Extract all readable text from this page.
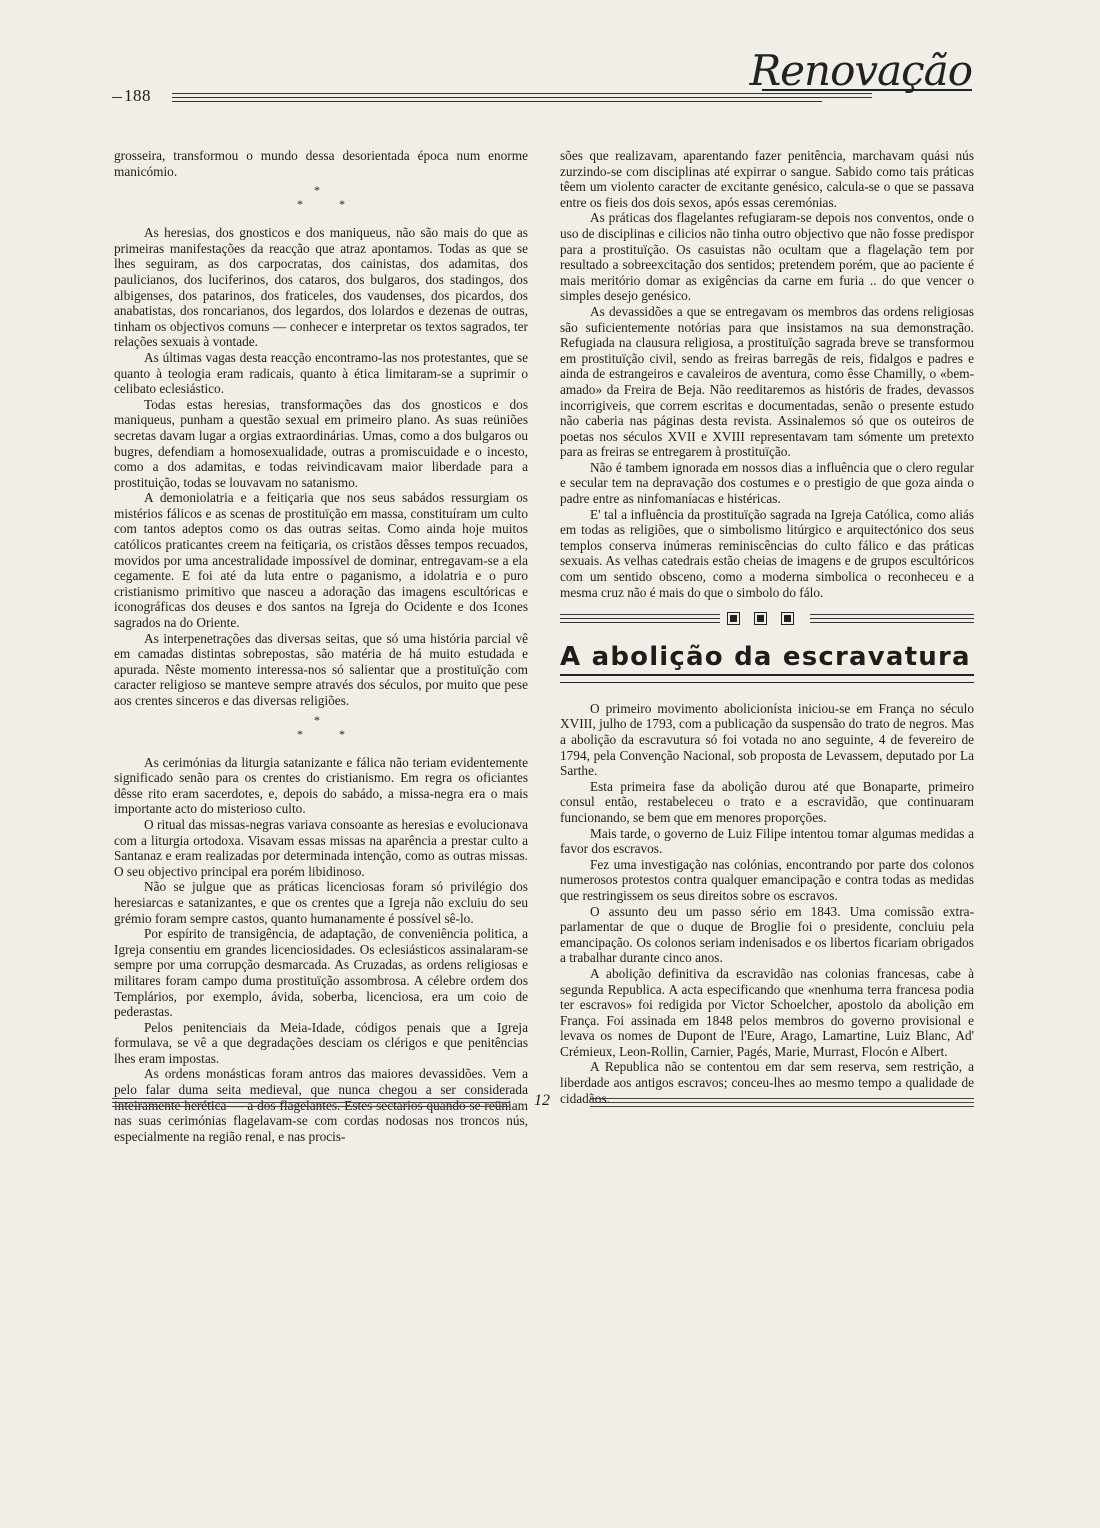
188
Renovação

grosseira, transformou o mundo dessa desorientada época num enorme manicómio.

*
*	*

As heresias, dos gnosticos e dos maniqueus, não são mais do que as primeiras manifestações da reacção que atraz apontamos. Todas as que se lhes seguiram, as dos carpocratas, dos cainistas, dos adamitas, dos paulicianos, dos luciferinos, dos cataros, dos bulgaros, dos stadingos, dos albigenses, dos patarinos, dos fraticeles, dos vaudenses, dos picardos, dos anabatistas, dos roncarianos, dos legardos, dos lolardos e dezenas de outras, tinham os objectivos comuns — conhecer e interpretar os textos sagrados, ter relações sexuais à vontade.

As últimas vagas desta reacção encontramo-las nos protestantes, que se quanto à teologia eram radicais, quanto à ética limitaram-se a suprimir o celibato eclesiástico.

Todas estas heresias, transformações das dos gnosticos e dos maniqueus, punham a questão sexual em primeiro plano. As suas reüniões secretas davam lugar a orgias extraordinárias. Umas, como a dos bulgaros ou bugres, defendiam a homosexualidade, outras a promiscuidade e o incesto, como a dos adamitas, e todas reivindicavam maior liberdade para a prostituição, todas se louvavam no satanismo.

A demoniolatria e a feitiçaria que nos seus sabádos ressurgiam os mistérios fálicos e as scenas de prostituïção em massa, constituíram um culto com tantos adeptos como os das outras seitas. Como ainda hoje muitos católicos praticantes creem na feitiçaria, os cristãos dêsses tempos recuados, movidos por uma ancestralidade impossível de dominar, entregavam-se a ela cegamente. E foi até da luta entre o paganismo, a idolatria e o puro cristianismo primitivo que nasceu a adoração das imagens escultóricas e iconográficas dos deuses e dos santos na Igreja do Ocidente e dos Icones sagrados na do Oriente.

As interpenetrações das diversas seitas, que só uma história parcial vê em camadas distintas sobrepostas, são matéria de há muito estudada e apurada. Nêste momento interessa-nos só salientar que a prostituïção com caracter religioso se manteve sempre através dos séculos, por muito que pese aos crentes sinceros e das diversas religiões.

*
*	*

As cerimónias da liturgia satanizante e fálica não teriam evidentemente significado senão para os crentes do cristianismo. Em regra os oficiantes dêsse rito eram sacerdotes, e, depois do sabádo, a missa-negra era o mais importante acto do misterioso culto.

O ritual das missas-negras variava consoante as heresias e evolucionava com a liturgia ortodoxa. Visavam essas missas na aparência a prestar culto a Santanaz e eram realizadas por determinada intenção, como as outras missas. O seu objectivo principal era porém libidinoso.

Não se julgue que as práticas licenciosas foram só privilégio dos heresiarcas e satanizantes, e que os crentes que a Igreja não excluiu do seu grémio foram sempre castos, quanto humanamente é possível sê-lo.

Por espírito de transigência, de adaptação, de conveniência politica, a Igreja consentiu em grandes licenciosidades. Os eclesiásticos assinalaram-se sempre por uma corrupção desmarcada. As Cruzadas, as ordens religiosas e militares foram campo duma prostituïção assombrosa. A célebre ordem dos Templários, por exemplo, ávida, soberba, licenciosa, era um coio de pederastas.

Pelos penitenciais da Meia-Idade, códigos penais que a Igreja formulava, se vê a que degradações desciam os clérigos e que penitências lhes eram impostas.

As ordens monásticas foram antros das maiores devassidões. Vem a pelo falar duma seita medieval, que nunca chegou a ser considerada inteiramente herética — a dos flagelantes. Estes sectarios quando se reüniam nas suas cerimónias flagelavam-se com cordas nodosas nos troncos nús, especialmente na região renal, e nas procis-

sões que realizavam, aparentando fazer penitência, marchavam quási nús zurzindo-se com disciplinas até expirrar o sangue. Sabido como tais práticas têem um violento caracter de excitante genésico, calcula-se o que se passava entre os fieis dos dois sexos, após essas ceremónias.

As práticas dos flagelantes refugiaram-se depois nos conventos, onde o uso de disciplinas e cilicios não tinha outro objectivo que não fosse predispor para a prostituïção. Os casuistas não ocultam que a flagelação tem por resultado a sobreexcitação dos sentidos; pretendem porém, que ao paciente é mais meritório domar as exigências da carne em furia .. do que vencer o simples desejo genésico.

As devassidões a que se entregavam os membros das ordens religiosas são suficientemente notórias para que insistamos na sua demonstração. Refugiada na clausura religiosa, a prostituïção sagrada breve se transformou em prostituïção civil, sendo as freiras barregãs de reis, fidalgos e padres e ainda de estrangeiros e cavaleiros de aventura, como êsse Chamilly, o «bem-amado» da Freira de Beja. Não reeditaremos as históris de frades, devassos incorrigiveis, que correm escritas e documentadas, senão o presente estudo não caberia nas páginas desta revista. Assinalemos só que os outeiros de poetas nos séculos XVII e XVIII representavam tam sómente um pretexto para as freiras se entregarem à prostituïção.

Não é tambem ignorada em nossos dias a influência que o clero regular e secular tem na depravação dos costumes e o prestigio de que goza ainda o padre entre as ninfomaníacas e histéricas.

E' tal a influência da prostituïção sagrada na Igreja Católica, como aliás em todas as religiões, que o simbolismo litúrgico e arquitectónico dos seus templos conserva inúmeras reminiscências do culto fálico e das práticas sexuais. As velhas catedrais estão cheias de imagens e de grupos escultóricos com um sentido obsceno, como a moderna simbolica o reconheceu e a mesma cruz não é mais do que o simbolo do fálo.

A abolição da escravatura

O primeiro movimento abolicionísta iniciou-se em França no século XVIII, julho de 1793, com a publicação da suspensão do trato de negros. Mas a abolição da escravutura só foi votada no ano seguinte, 4 de fevereiro de 1794, pela Convenção Nacional, sob proposta de Levassem, deputado por La Sarthe.

Esta primeira fase da abolição durou até que Bonaparte, primeiro consul então, restabeleceu o trato e a escravidão, que continuaram funcionando, se bem que em menores proporções.

Mais tarde, o governo de Luiz Filipe intentou tomar algumas medidas a favor dos escravos.

Fez uma investigação nas colónias, encontrando por parte dos colonos numerosos protestos contra qualquer emancipação e contra todas as medidas que restringissem os seus direitos sobre os escravos.

O assunto deu um passo sério em 1843. Uma comissão extra-parlamentar de que o duque de Broglie foi o presidente, concluiu pela emancipação. Os colonos seriam indenisados e os libertos ficariam obrigados a trabalhar durante cinco anos.

A abolição definitiva da escravidão nas colonias francesas, cabe à segunda Republica. A acta especificando que «nenhuma terra francesa podia ter escravos» foi redigida por Victor Schoelcher, apostolo da abolição em França. Foi assinada em 1848 pelos membros do governo provisional e levava os nomes de Dupont de l'Eure, Arago, Lamartine, Luiz Blanc, Ad' Crémieux, Leon-Rollin, Carnier, Pagés, Marie, Murrast, Flocón e Albert.

A Republica não se contentou em dar sem reserva, sem restrição, a liberdade aos antigos escravos; conceu-lhes ao mesmo tempo a qualidade de cidadãos.

12
